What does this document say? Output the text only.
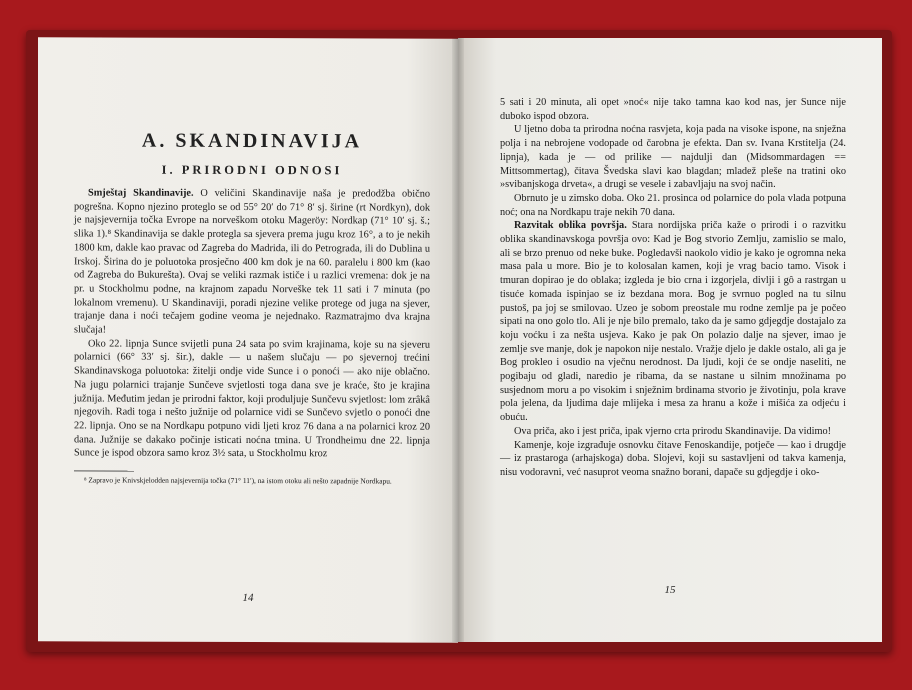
A. SKANDINAVIJA
I. PRIRODNI ODNOSI

Smještaj Skandinavije. O veličini Skandinavije naša je predodžba obično pogrešna. Kopno njezino proteglo se od 55° 20′ do 71° 8′ sj. širine (rt Nordkyn), dok je najsjevernija točka Evrope na norveškom otoku Mageröy: Nordkap (71° 10′ sj. š.; slika 1).⁸ Skandinavija se dakle protegla sa sjevera prema jugu kroz 16°, a to je nekih 1800 km, dakle kao pravac od Zagreba do Madrida, ili do Petrograda, ili do Dublina u Irskoj. Širina do je poluotoka prosječno 400 km dok je na 60. paralelu i 800 km (kao od Zagreba do Bukurešta). Ovaj se veliki razmak ističe i u razlici vremena: dok je na pr. u Stockholmu podne, na krajnom zapadu Norveške tek 11 sati i 7 minuta (po lokalnom vremenu). U Skandinaviji, poradi njezine velike protege od juga na sjever, trajanje dana i noći tečajem godine veoma je nejednako. Razmatrajmo dva krajna slučaja!

Oko 22. lipnja Sunce svijetli puna 24 sata po svim krajinama, koje su na sjeveru polarnici (66° 33′ sj. šir.), dakle — u našem slučaju — po sjevernoj trećini Skandinavskoga poluotoka: žitelji ondje vide Sunce i o ponoći — ako nije oblačno. Na jugu polarnici trajanje Sunčeve svjetlosti toga dana sve je kraće, što je krajina južnija. Međutim jedan je prirodni faktor, koji produljuje Sunčevu svjetlost: lom zrâkâ njegovih. Radi toga i nešto južnije od polarnice vidi se Sunčevo svjetlo o ponoći dne 22. lipnja. Ono se na Nordkapu potpuno vidi ljeti kroz 76 dana a na polarnici kroz 20 dana. Južnije se dakako počinje isticati noćna tmina. U Trondheimu dne 22. lipnja Sunce je ispod obzora samo kroz 3½ sata, u Stockholmu kroz

⁸ Zapravo je Knivskjelodden najsjevernija točka (71° 11′), na istom otoku ali nešto zapadnije Nordkapu.

14

5 sati i 20 minuta, ali opet »noć« nije tako tamna kao kod nas, jer Sunce nije duboko ispod obzora.

U ljetno doba ta prirodna noćna rasvjeta, koja pada na visoke ispone, na snježna polja i na nebrojene vodopade od čarobna je efekta. Dan sv. Ivana Krstitelja (24. lipnja), kada je — od prilike — najdulji dan (Midsommardagen == Mittsommertag), čitava Švedska slavi kao blagdan; mladež pleše na tratini oko »svibanjskoga drveta«, a drugi se vesele i zabavljaju na svoj način.

Obrnuto je u zimsko doba. Oko 21. prosinca od polarnice do pola vlada potpuna noć; ona na Nordkapu traje nekih 70 dana.

Razvitak oblika površja. Stara nordijska priča kaže o prirodi i o razvitku oblika skandinavskoga površja ovo: Kad je Bog stvorio Zemlju, zamislio se malo, ali se brzo prenuo od neke buke. Pogledavši naokolo vidio je kako je ogromna neka masa pala u more. Bio je to kolosalan kamen, koji je vrag bacio tamo. Visok i tmuran dopirao je do oblaka; izgleda je bio crna i izgorjela, divlji i gô a rastrgan u tisuće komada ispinjao se iz bezdana mora. Bog je svrnuo pogled na tu silnu pustoš, pa joj se smilovao. Uzeo je sobom preostale mu rodne zemlje pa je počeo sipati na ono golo tlo. Ali je nje bilo premalo, tako da je samo gdjegdje dostajalo za koju voćku i za nešta usjeva. Kako je pak On polazio dalje na sjever, imao je zemlje sve manje, dok je napokon nije nestalo. Vražje djelo je dakle ostalo, ali ga je Bog prokleo i osudio na vječnu nerodnost. Da ljudi, koji će se ondje naseliti, ne pogibaju od gladi, naredio je ribama, da se nastane u silnim množinama po susjednom moru a po visokim i snježnim brdinama stvorio je životinju, pola krave pola jelena, da ljudima daje mlijeka i mesa za hranu a kože i mišića za odjeću i obuću.

Ova priča, ako i jest priča, ipak vjerno crta prirodu Skandinavije. Da vidimo!

Kamenje, koje izgrađuje osnovku čitave Fenoskandije, potječe — kao i drugdje — iz prastaroga (arhajskoga) doba. Slojevi, koji su sastavljeni od takva kamenja, nisu vodoravni, već nasuprot veoma snažno borani, dapače su gdjegdje i oko-

15
